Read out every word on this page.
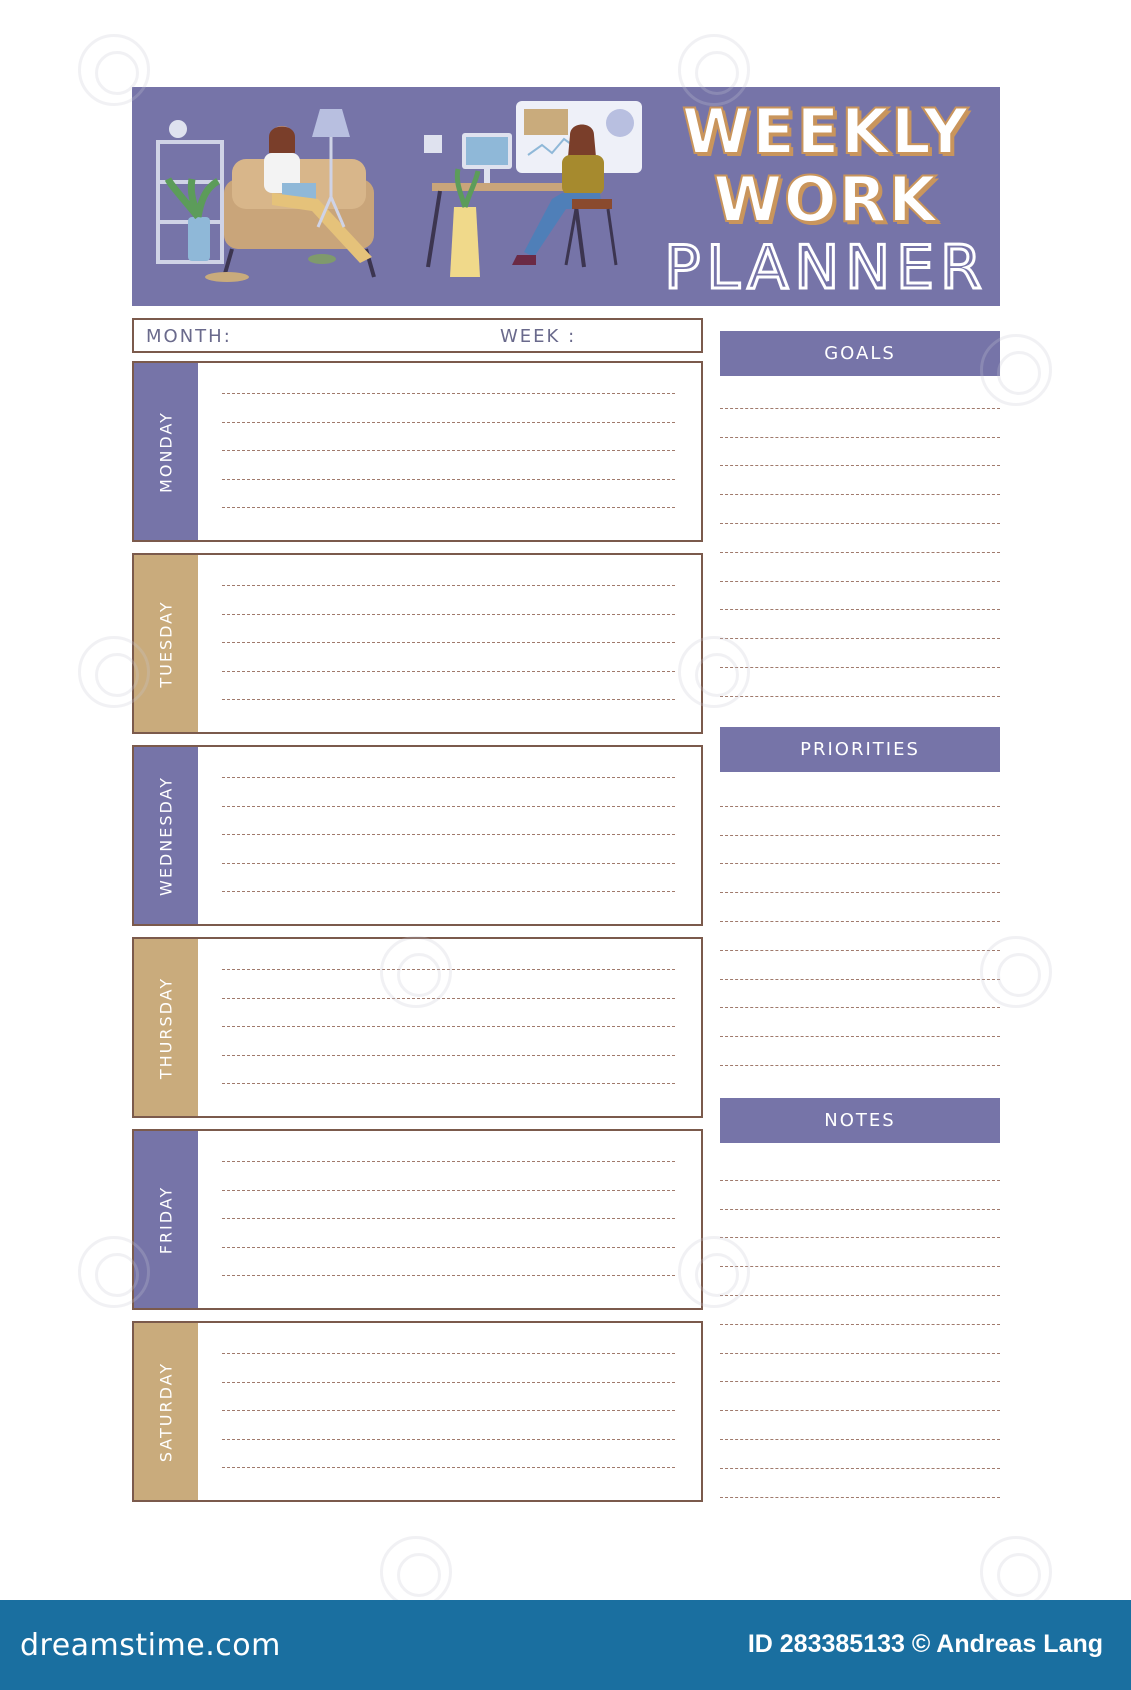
WEEKLY
WORK
PLANNER
MONTH:	WEEK :
MONDAY
TUESDAY
WEDNESDAY
THURSDAY
FRIDAY
SATURDAY
GOALS
PRIORITIES
NOTES
dreamstime.com	ID 283385133 © Andreas Lang
